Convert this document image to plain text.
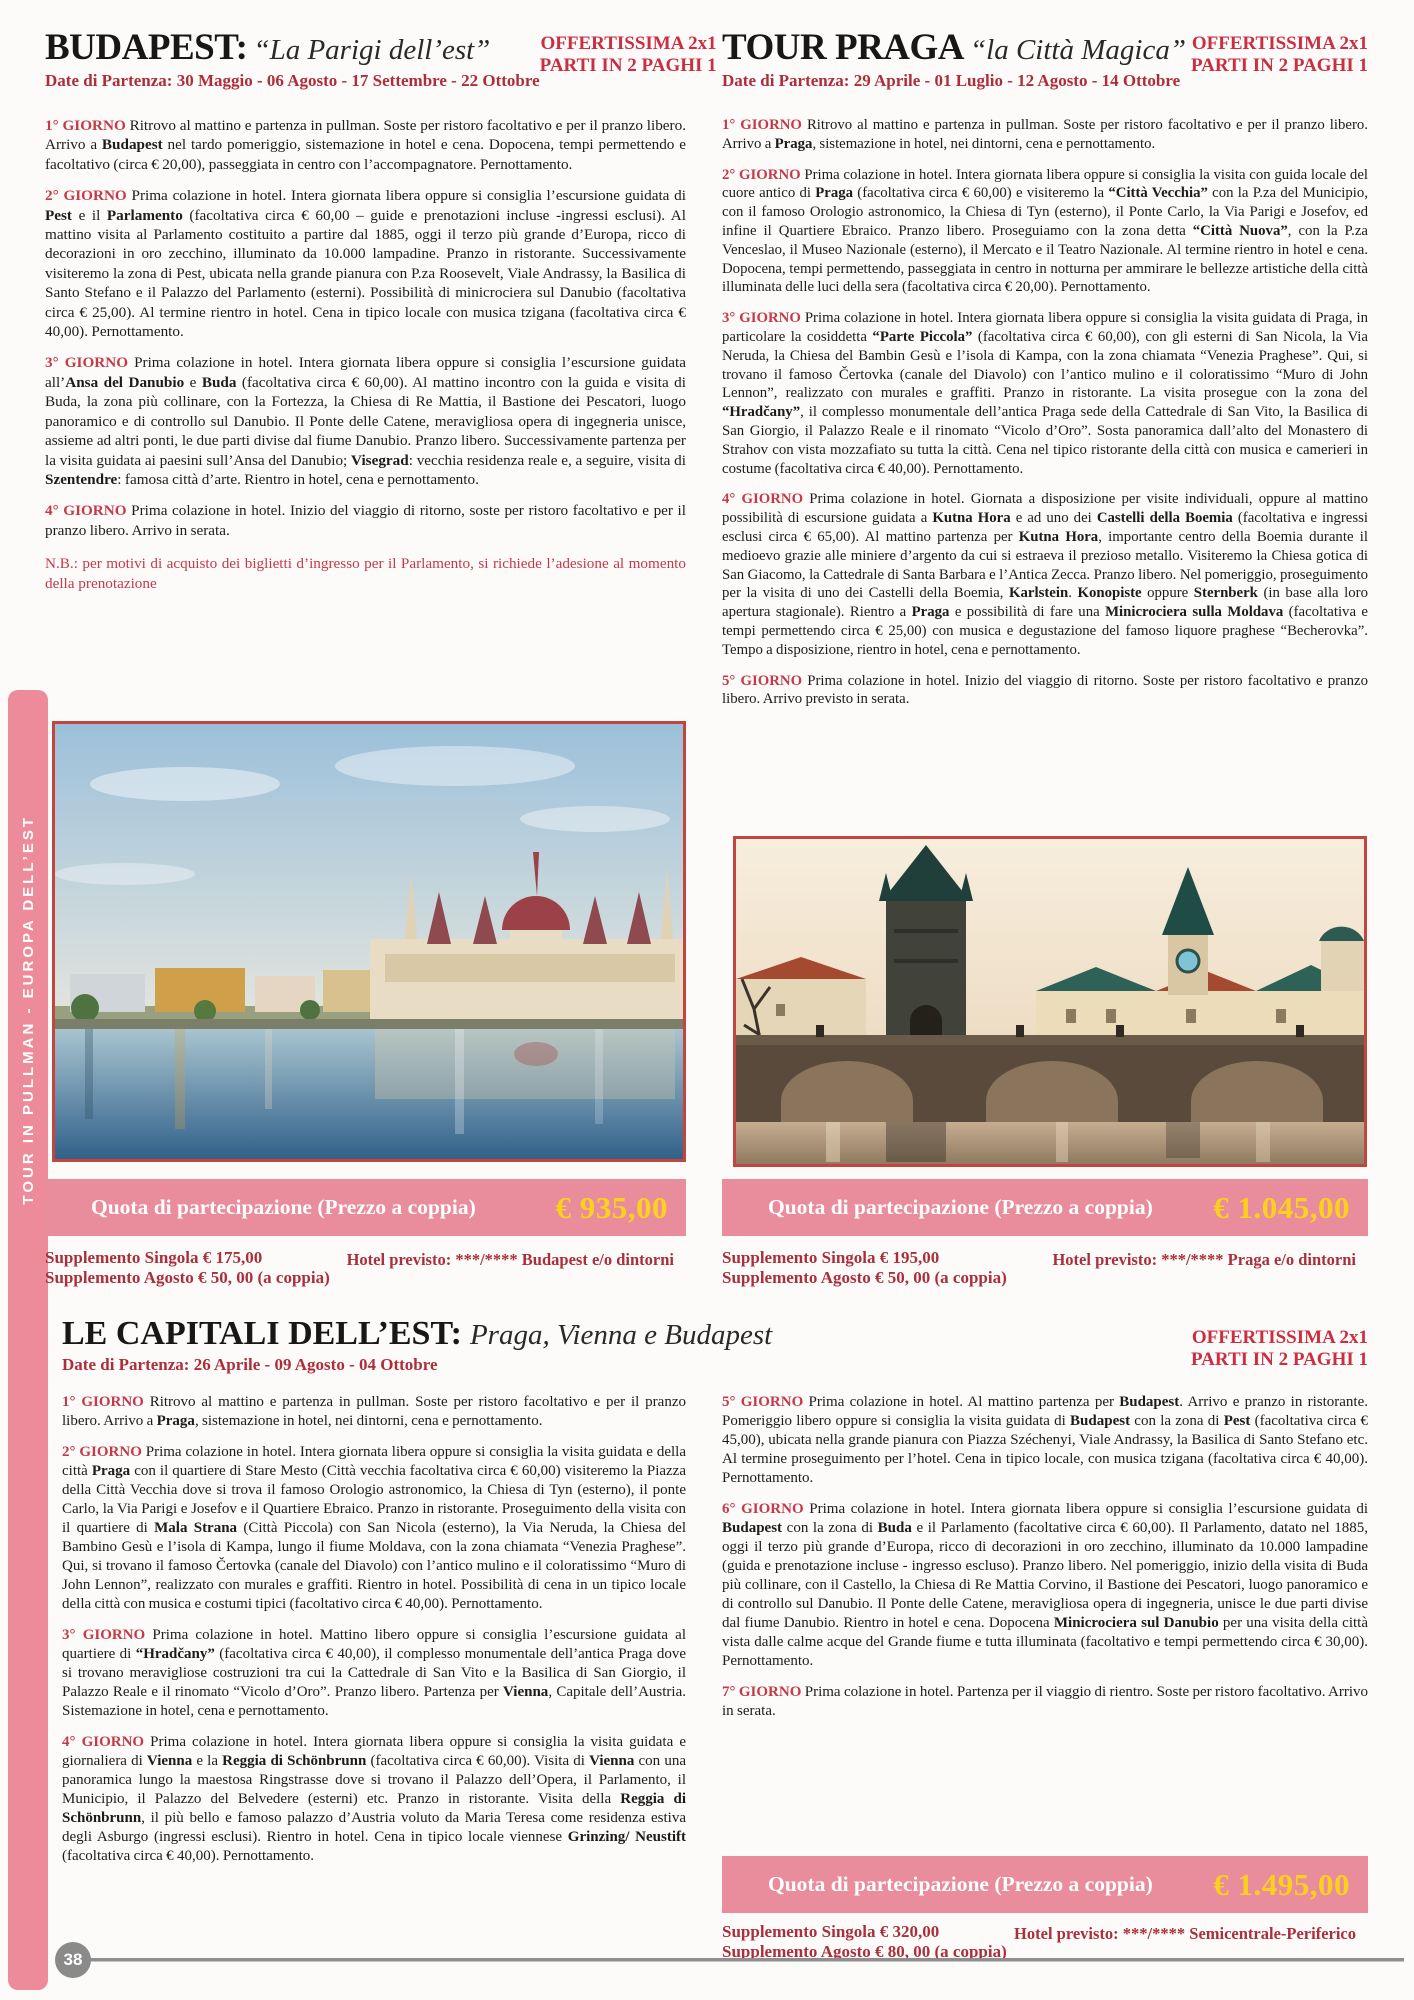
TOUR IN PULLMAN - EUROPA DELL’EST
BUDAPEST: “La Parigi dell’est”
Date di Partenza: 30 Maggio - 06 Agosto - 17 Settembre - 22 Ottobre
OFFERTISSIMA 2x1
PARTI IN 2 PAGHI 1

1° GIORNO Ritrovo al mattino e partenza in pullman. Soste per ristoro facoltativo e per il pranzo libero. Arrivo a Budapest nel tardo pomeriggio, sistemazione in hotel e cena. Dopocena, tempi permettendo e facoltativo (circa € 20,00), passeggiata in centro con l’accompagnatore. Pernottamento.

2° GIORNO Prima colazione in hotel. Intera giornata libera oppure si consiglia l’escursione guidata di Pest e il Parlamento (facoltativa circa € 60,00 – guide e prenotazioni incluse -ingressi esclusi). Al mattino visita al Parlamento costituito a partire dal 1885, oggi il terzo più grande d’Europa, ricco di decorazioni in oro zecchino, illuminato da 10.000 lampadine. Pranzo in ristorante. Successivamente visiteremo la zona di Pest, ubicata nella grande pianura con P.za Roosevelt, Viale Andrassy, la Basilica di Santo Stefano e il Palazzo del Parlamento (esterni). Possibilità di minicrociera sul Danubio (facoltativa circa € 25,00). Al termine rientro in hotel. Cena in tipico locale con musica tzigana (facoltativa circa € 40,00). Pernottamento.

3° GIORNO Prima colazione in hotel. Intera giornata libera oppure si consiglia l’escursione guidata all’Ansa del Danubio e Buda (facoltativa circa € 60,00). Al mattino incontro con la guida e visita di Buda, la zona più collinare, con la Fortezza, la Chiesa di Re Mattia, il Bastione dei Pescatori, luogo panoramico e di controllo sul Danubio. Il Ponte delle Catene, meravigliosa opera di ingegneria unisce, assieme ad altri ponti, le due parti divise dal fiume Danubio. Pranzo libero. Successivamente partenza per la visita guidata ai paesini sull’Ansa del Danubio; Visegrad: vecchia residenza reale e, a seguire, visita di Szentendre: famosa città d’arte. Rientro in hotel, cena e pernottamento.

4° GIORNO Prima colazione in hotel. Inizio del viaggio di ritorno, soste per ristoro facoltativo e per il pranzo libero. Arrivo in serata.

N.B.: per motivi di acquisto dei biglietti d’ingresso per il Parlamento, si richiede l’adesione al momento della prenotazione

Quota di partecipazione (Prezzo a coppia)	€ 935,00
Supplemento Singola € 175,00
Supplemento Agosto € 50, 00 (a coppia)
Hotel previsto: ***/**** Budapest e/o dintorni
TOUR PRAGA “la Città Magica”
Date di Partenza: 29 Aprile - 01 Luglio - 12 Agosto - 14 Ottobre
OFFERTISSIMA 2x1
PARTI IN 2 PAGHI 1

1° GIORNO Ritrovo al mattino e partenza in pullman. Soste per ristoro facoltativo e per il pranzo libero. Arrivo a Praga, sistemazione in hotel, nei dintorni, cena e pernottamento.

2° GIORNO Prima colazione in hotel. Intera giornata libera oppure si consiglia la visita con guida locale del cuore antico di Praga (facoltativa circa € 60,00) e visiteremo la “Città Vecchia” con la P.za del Municipio, con il famoso Orologio astronomico, la Chiesa di Tyn (esterno), il Ponte Carlo, la Via Parigi e Josefov, ed infine il Quartiere Ebraico. Pranzo libero. Proseguiamo con la zona detta “Città Nuova”, con la P.za Venceslao, il Museo Nazionale (esterno), il Mercato e il Teatro Nazionale. Al termine rientro in hotel e cena. Dopocena, tempi permettendo, passeggiata in centro in notturna per ammirare le bellezze artistiche della città illuminata delle luci della sera (facoltativa circa € 20,00). Pernottamento.

3° GIORNO Prima colazione in hotel. Intera giornata libera oppure si consiglia la visita guidata di Praga, in particolare la cosiddetta “Parte Piccola” (facoltativa circa € 60,00), con gli esterni di San Nicola, la Via Neruda, la Chiesa del Bambin Gesù e l’isola di Kampa, con la zona chiamata “Venezia Praghese”. Qui, si trovano il famoso Čertovka (canale del Diavolo) con l’antico mulino e il coloratissimo “Muro di John Lennon”, realizzato con murales e graffiti. Pranzo in ristorante. La visita prosegue con la zona del “Hradčany”, il complesso monumentale dell’antica Praga sede della Cattedrale di San Vito, la Basilica di San Giorgio, il Palazzo Reale e il rinomato “Vicolo d’Oro”. Sosta panoramica dall’alto del Monastero di Strahov con vista mozzafiato su tutta la città. Cena nel tipico ristorante della città con musica e camerieri in costume (facoltativa circa € 40,00). Pernottamento.

4° GIORNO Prima colazione in hotel. Giornata a disposizione per visite individuali, oppure al mattino possibilità di escursione guidata a Kutna Hora e ad uno dei Castelli della Boemia (facoltativa e ingressi esclusi circa € 65,00). Al mattino partenza per Kutna Hora, importante centro della Boemia durante il medioevo grazie alle miniere d’argento da cui si estraeva il prezioso metallo. Visiteremo la Chiesa gotica di San Giacomo, la Cattedrale di Santa Barbara e l’Antica Zecca. Pranzo libero. Nel pomeriggio, proseguimento per la visita di uno dei Castelli della Boemia, Karlstein. Konopiste oppure Sternberk (in base alla loro apertura stagionale). Rientro a Praga e possibilità di fare una Minicrociera sulla Moldava (facoltativa e tempi permettendo circa € 25,00) con musica e degustazione del famoso liquore praghese “Becherovka”. Tempo a disposizione, rientro in hotel, cena e pernottamento.

5° GIORNO Prima colazione in hotel. Inizio del viaggio di ritorno. Soste per ristoro facoltativo e pranzo libero. Arrivo previsto in serata.

Quota di partecipazione (Prezzo a coppia) € 1.045,00
Supplemento Singola € 195,00
Supplemento Agosto € 50, 00 (a coppia)
Hotel previsto: ***/**** Praga e/o dintorni
LE CAPITALI DELL’EST: Praga, Vienna e Budapest
Date di Partenza: 26 Aprile - 09 Agosto - 04 Ottobre
OFFERTISSIMA 2x1
PARTI IN 2 PAGHI 1

1° GIORNO Ritrovo al mattino e partenza in pullman. Soste per ristoro facoltativo e per il pranzo libero. Arrivo a Praga, sistemazione in hotel, nei dintorni, cena e pernottamento.

2° GIORNO Prima colazione in hotel. Intera giornata libera oppure si consiglia la visita guidata e della città Praga con il quartiere di Stare Mesto (Città vecchia facoltativa circa € 60,00) visiteremo la Piazza della Città Vecchia dove si trova il famoso Orologio astronomico, la Chiesa di Tyn (esterno), il ponte Carlo, la Via Parigi e Josefov e il Quartiere Ebraico. Pranzo in ristorante. Proseguimento della visita con il quartiere di Mala Strana (Città Piccola) con San Nicola (esterno), la Via Neruda, la Chiesa del Bambino Gesù e l’isola di Kampa, lungo il fiume Moldava, con la zona chiamata “Venezia Praghese”. Qui, si trovano il famoso Čertovka (canale del Diavolo) con l’antico mulino e il coloratissimo “Muro di John Lennon”, realizzato con murales e graffiti. Rientro in hotel. Possibilità di cena in un tipico locale della città con musica e costumi tipici (facoltativo circa € 40,00). Pernottamento.

3° GIORNO Prima colazione in hotel. Mattino libero oppure si consiglia l’escursione guidata al quartiere di “Hradčany” (facoltativa circa € 40,00), il complesso monumentale dell’antica Praga dove si trovano meravigliose costruzioni tra cui la Cattedrale di San Vito e la Basilica di San Giorgio, il Palazzo Reale e il rinomato “Vicolo d’Oro”. Pranzo libero. Partenza per Vienna, Capitale dell’Austria. Sistemazione in hotel, cena e pernottamento.

4° GIORNO Prima colazione in hotel. Intera giornata libera oppure si consiglia la visita guidata e giornaliera di Vienna e la Reggia di Schönbrunn (facoltativa circa € 60,00). Visita di Vienna con una panoramica lungo la maestosa Ringstrasse dove si trovano il Palazzo dell’Opera, il Parlamento, il Municipio, il Palazzo del Belvedere (esterni) etc. Pranzo in ristorante. Visita della Reggia di Schönbrunn, il più bello e famoso palazzo d’Austria voluto da Maria Teresa come residenza estiva degli Asburgo (ingressi esclusi). Rientro in hotel. Cena in tipico locale viennese Grinzing/ Neustift (facoltativa circa € 40,00). Pernottamento.

5° GIORNO Prima colazione in hotel. Al mattino partenza per Budapest. Arrivo e pranzo in ristorante. Pomeriggio libero oppure si consiglia la visita guidata di Budapest con la zona di Pest (facoltativa circa € 45,00), ubicata nella grande pianura con Piazza Széchenyi, Viale Andrassy, la Basilica di Santo Stefano etc. Al termine proseguimento per l’hotel. Cena in tipico locale, con musica tzigana (facoltativa circa € 40,00). Pernottamento.

6° GIORNO Prima colazione in hotel. Intera giornata libera oppure si consiglia l’escursione guidata di Budapest con la zona di Buda e il Parlamento (facoltative circa € 60,00). Il Parlamento, datato nel 1885, oggi il terzo più grande d’Europa, ricco di decorazioni in oro zecchino, illuminato da 10.000 lampadine (guida e prenotazione incluse - ingresso escluso). Pranzo libero. Nel pomeriggio, inizio della visita di Buda più collinare, con il Castello, la Chiesa di Re Mattia Corvino, il Bastione dei Pescatori, luogo panoramico e di controllo sul Danubio. Il Ponte delle Catene, meravigliosa opera di ingegneria, unisce le due parti divise dal fiume Danubio. Rientro in hotel e cena. Dopocena Minicrociera sul Danubio per una visita della città vista dalle calme acque del Grande fiume e tutta illuminata (facoltativo e tempi permettendo circa € 30,00). Pernottamento.

7° GIORNO Prima colazione in hotel. Partenza per il viaggio di rientro. Soste per ristoro facoltativo. Arrivo in serata.

Quota di partecipazione (Prezzo a coppia) € 1.495,00
Supplemento Singola € 320,00
Supplemento Agosto € 80, 00 (a coppia)
Hotel previsto: ***/**** Semicentrale-Periferico
38
